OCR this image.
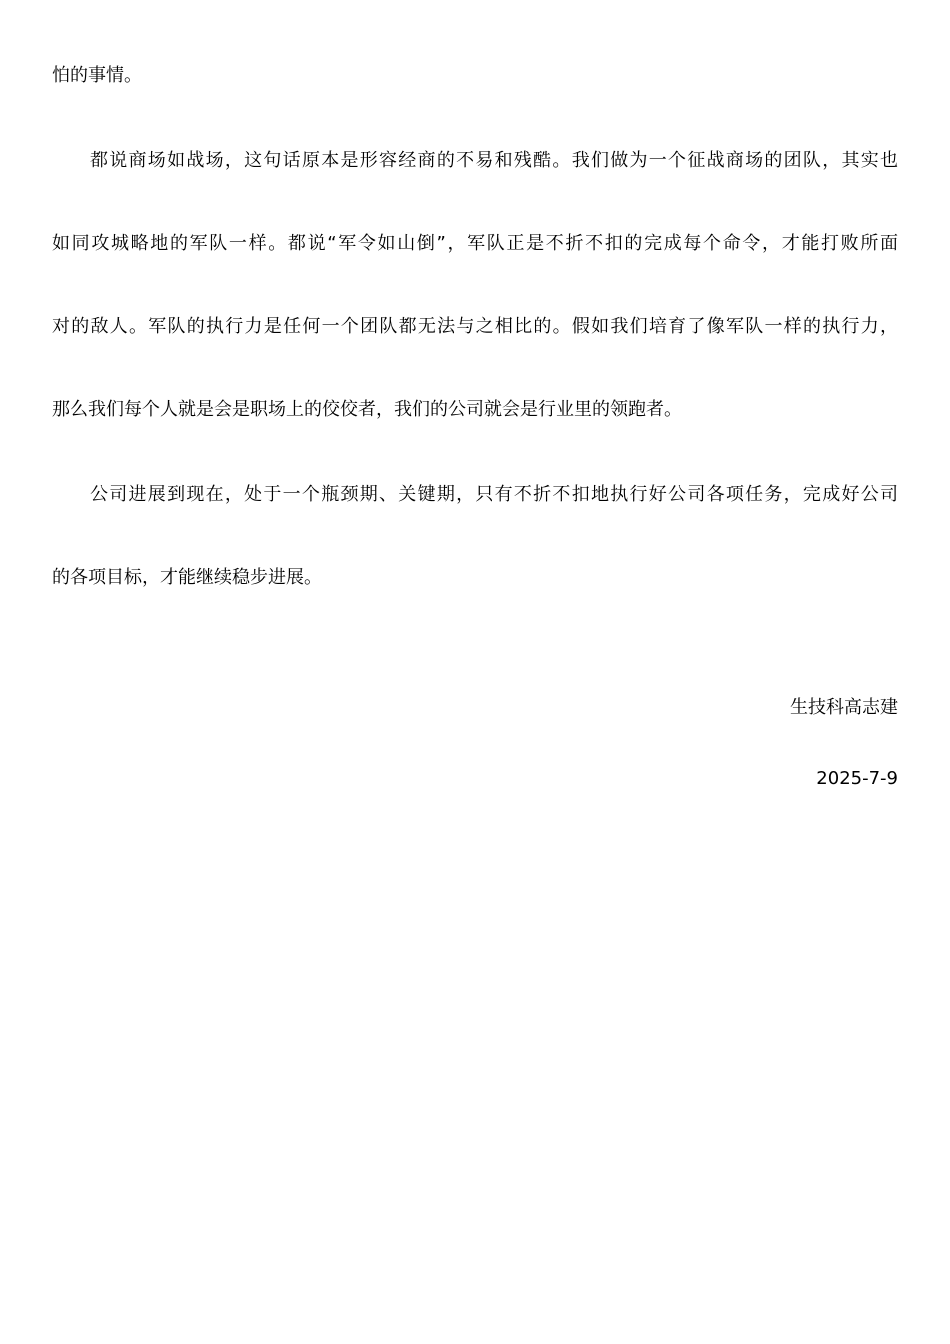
怕的事情。
都说商场如战场，这句话原本是形容经商的不易和残酷。我们做为一个征战商场的团队，其实也
如同攻城略地的军队一样。都说“军令如山倒”，军队正是不折不扣的完成每个命令，才能打败所面
对的敌人。军队的执行力是任何一个团队都无法与之相比的。假如我们培育了像军队一样的执行力，
那么我们每个人就是会是职场上的佼佼者，我们的公司就会是行业里的领跑者。
公司进展到现在，处于一个瓶颈期、关键期，只有不折不扣地执行好公司各项任务，完成好公司
的各项目标，才能继续稳步进展。
生技科高志建
2025-7-9
